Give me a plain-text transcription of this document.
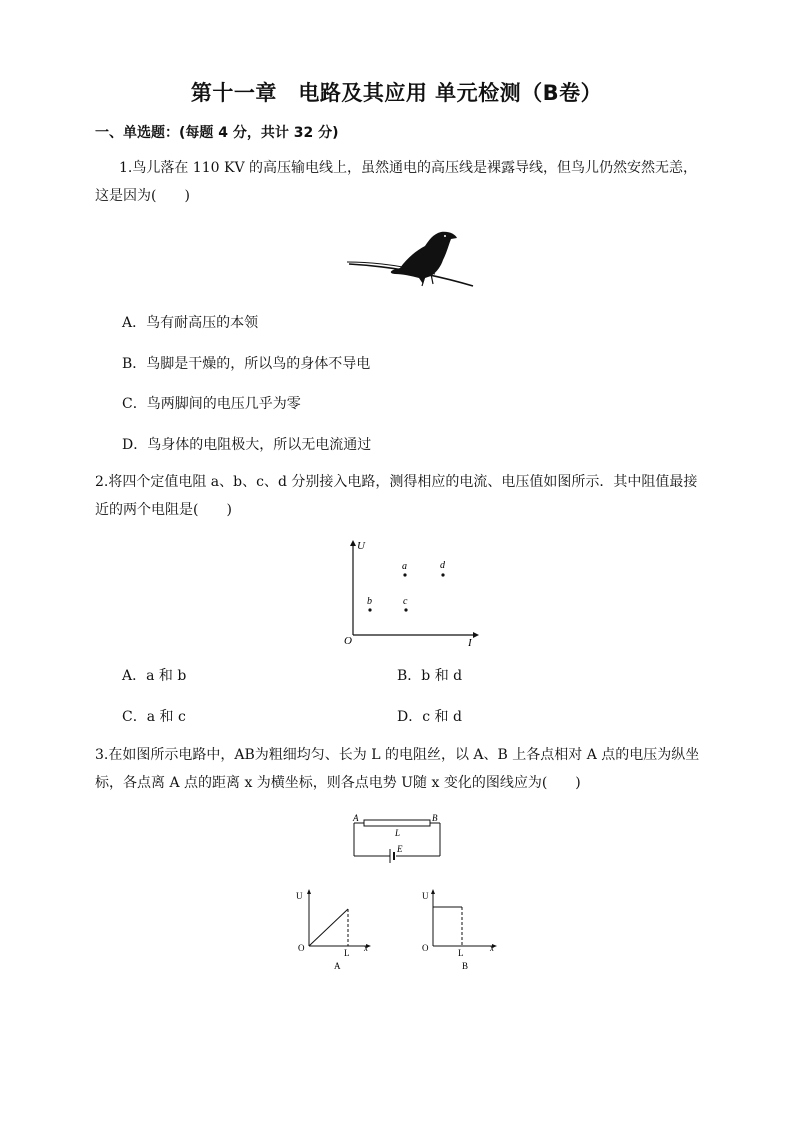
第十一章　电路及其应用 单元检测（B卷）
一、单选题：(每题 4 分，共计 32 分)
1.鸟儿落在 110 KV 的高压输电线上，虽然通电的高压线是裸露导线，但鸟儿仍然安然无恙，这是因为(　　)
A．鸟有耐高压的本领
B．鸟脚是干燥的，所以鸟的身体不导电
C．鸟两脚间的电压几乎为零
D．鸟身体的电阻极大，所以无电流通过
2.将四个定值电阻 a、b、c、d 分别接入电路，测得相应的电流、电压值如图所示．其中阻值最接近的两个电阻是(　　)
U
I
O
a	d
b	c
A．a 和 b	B．b 和 d
C．a 和 c	D．c 和 d
3.在如图所示电路中，AB为粗细均匀、长为 L 的电阻丝，以 A、B 上各点相对 A 点的电压为纵坐标，各点离 A 点的距离 x 为横坐标，则各点电势 U随 x 变化的图线应为(　　)
A	B
L
E
U
O	L x
A
U
O	L	x
B
